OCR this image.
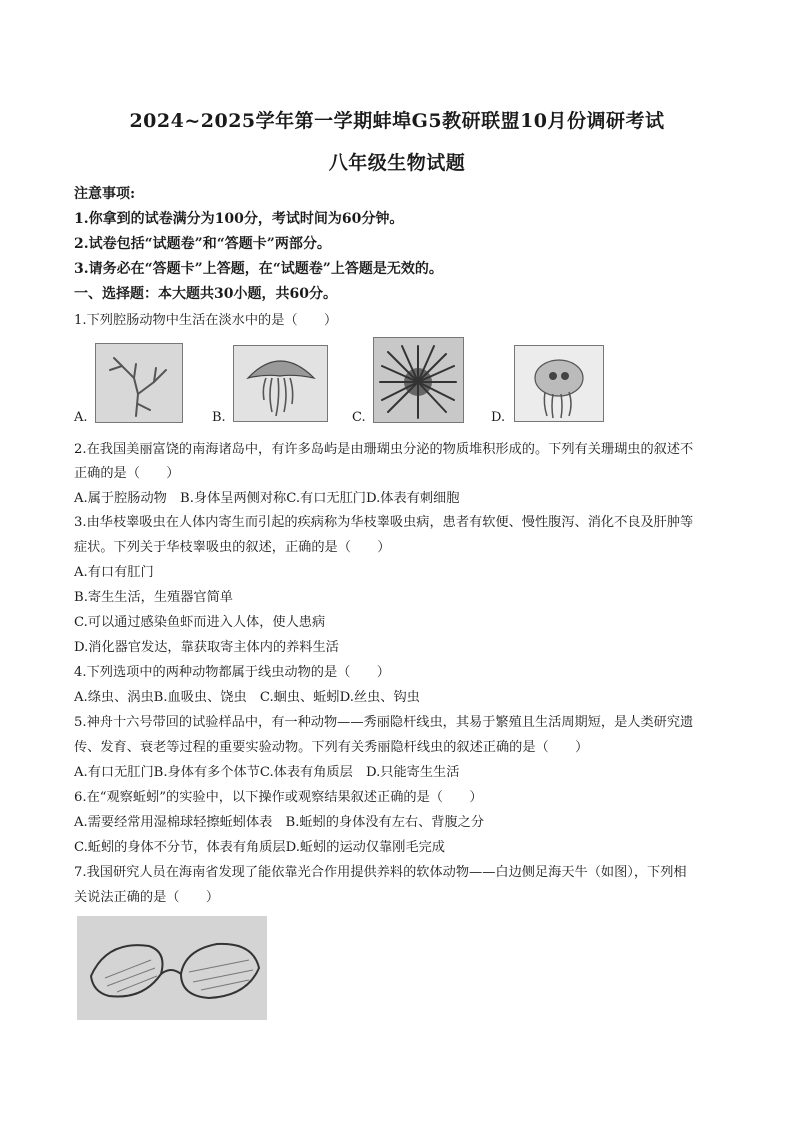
2024~2025学年第一学期蚌埠G5教研联盟10月份调研考试
八年级生物试题
注意事项:
1.你拿到的试卷满分为100分，考试时间为60分钟。
2.试卷包括“试题卷”和“答题卡”两部分。
3.请务必在“答题卡”上答题，在“试题卷”上答题是无效的。
一、选择题：本大题共30小题，共60分。
1.下列腔肠动物中生活在淡水中的是（　　）
A.	B.	C.	D.
2.在我国美丽富饶的南海诸岛中，有许多岛屿是由珊瑚虫分泌的物质堆积形成的。下列有关珊瑚虫的叙述不
正确的是（　　）
A.属于腔肠动物　B.身体呈两侧对称C.有口无肛门D.体表有刺细胞
3.由华枝睾吸虫在人体内寄生而引起的疾病称为华枝睾吸虫病，患者有软便、慢性腹泻、消化不良及肝肿等
症状。下列关于华枝睾吸虫的叙述，正确的是（　　）
A.有口有肛门
B.寄生生活，生殖器官简单
C.可以通过感染鱼虾而进入人体，使人患病
D.消化器官发达，靠获取寄主体内的养料生活
4.下列选项中的两种动物都属于线虫动物的是（　　）
A.绦虫、涡虫B.血吸虫、饶虫　C.蛔虫、蚯蚓D.丝虫、钩虫
5.神舟十六号带回的试验样品中，有一种动物——秀丽隐杆线虫，其易于繁殖且生活周期短，是人类研究遗
传、发育、衰老等过程的重要实验动物。下列有关秀丽隐杆线虫的叙述正确的是（　　）
A.有口无肛门B.身体有多个体节C.体表有角质层　D.只能寄生生活
6.在“观察蚯蚓”的实验中，以下操作或观察结果叙述正确的是（　　）
A.需要经常用湿棉球轻擦蚯蚓体表　B.蚯蚓的身体没有左右、背腹之分
C.蚯蚓的身体不分节，体表有角质层D.蚯蚓的运动仅靠刚毛完成
7.我国研究人员在海南省发现了能依靠光合作用提供养料的软体动物——白边侧足海天牛（如图），下列相
关说法正确的是（　　）
